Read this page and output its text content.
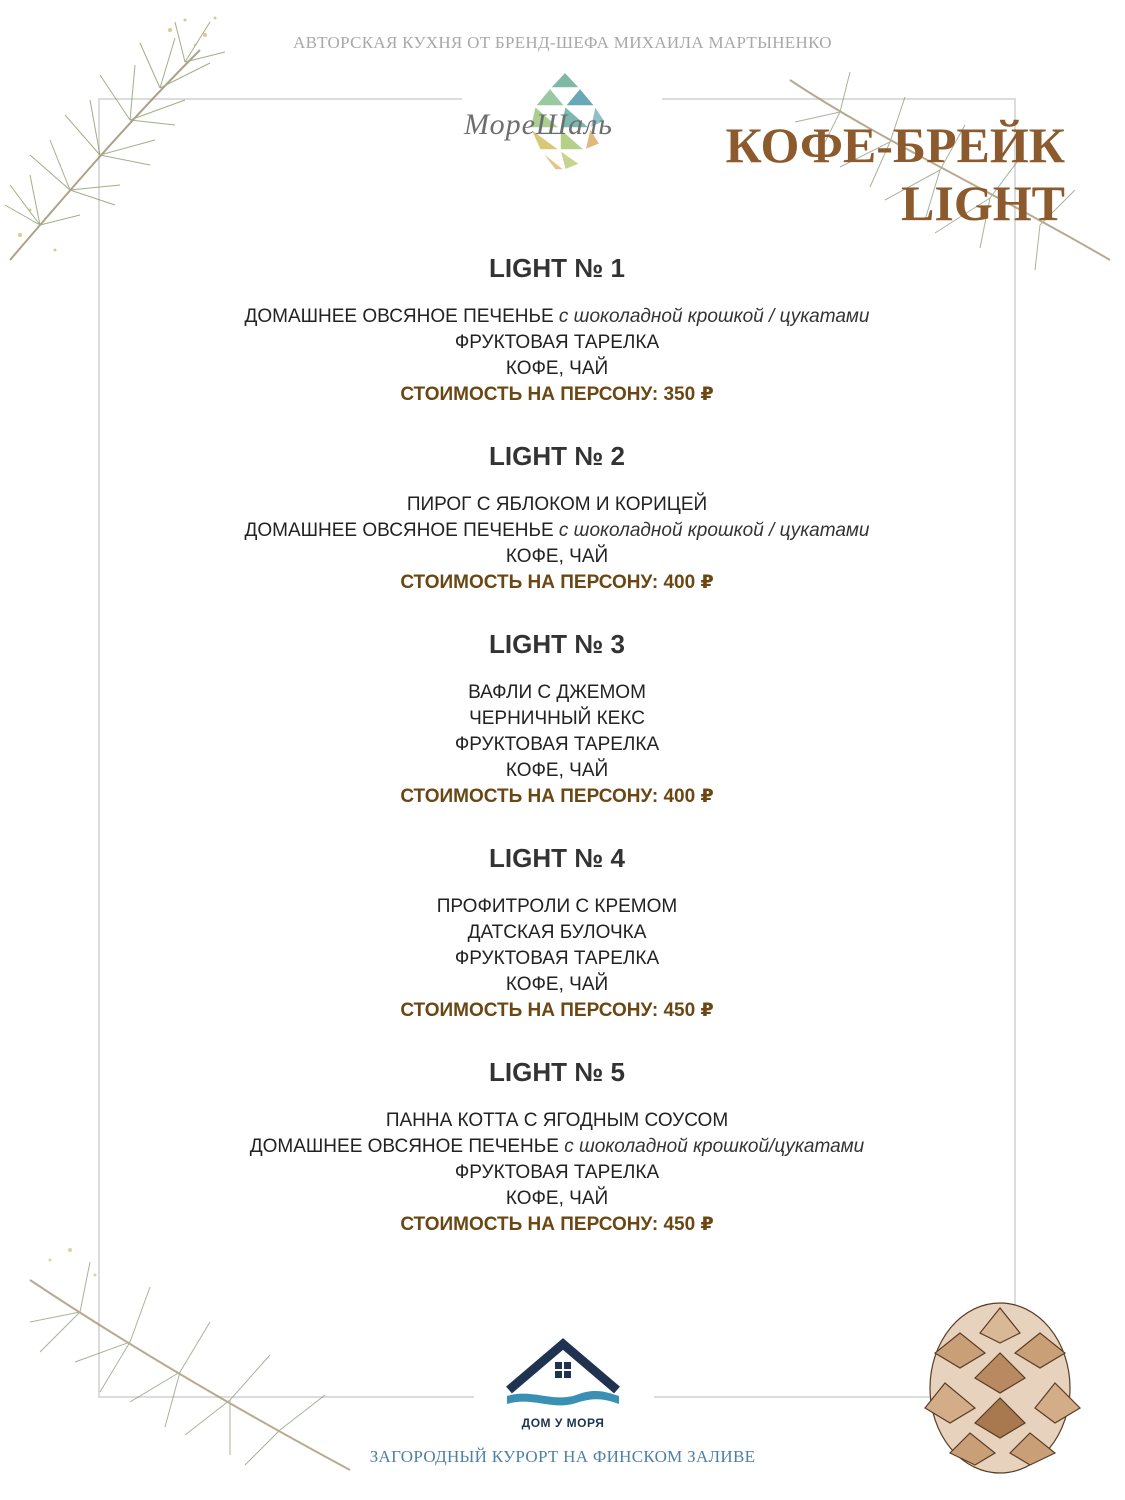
АВТОРСКАЯ КУХНЯ ОТ БРЕНД-ШЕФА МИХАИЛА МАРТЫНЕНКО
МореШаль КОФЕ-БРЕЙК
LIGHT
LIGHT № 1
ДОМАШНЕЕ ОВСЯНОЕ ПЕЧЕНЬЕ с шоколадной крошкой / цукатами
ФРУКТОВАЯ ТАРЕЛКА
КОФЕ, ЧАЙ
СТОИМОСТЬ НА ПЕРСОНУ: 350 ₽
LIGHT № 2
ПИРОГ С ЯБЛОКОМ И КОРИЦЕЙ
ДОМАШНЕЕ ОВСЯНОЕ ПЕЧЕНЬЕ с шоколадной крошкой / цукатами
КОФЕ, ЧАЙ
СТОИМОСТЬ НА ПЕРСОНУ: 400 ₽
LIGHT № 3
ВАФЛИ С ДЖЕМОМ
ЧЕРНИЧНЫЙ КЕКС
ФРУКТОВАЯ ТАРЕЛКА
КОФЕ, ЧАЙ
СТОИМОСТЬ НА ПЕРСОНУ: 400 ₽
LIGHT № 4
ПРОФИТРОЛИ С КРЕМОМ
ДАТСКАЯ БУЛОЧКА
ФРУКТОВАЯ ТАРЕЛКА
КОФЕ, ЧАЙ
СТОИМОСТЬ НА ПЕРСОНУ: 450 ₽
LIGHT № 5
ПАННА КОТТА С ЯГОДНЫМ СОУСОМ
ДОМАШНЕЕ ОВСЯНОЕ ПЕЧЕНЬЕ с шоколадной крошкой/цукатами
ФРУКТОВАЯ ТАРЕЛКА
КОФЕ, ЧАЙ
СТОИМОСТЬ НА ПЕРСОНУ: 450 ₽
ДОМ У МОРЯ
ЗАГОРОДНЫЙ КУРОРТ НА ФИНСКОМ ЗАЛИВЕ
